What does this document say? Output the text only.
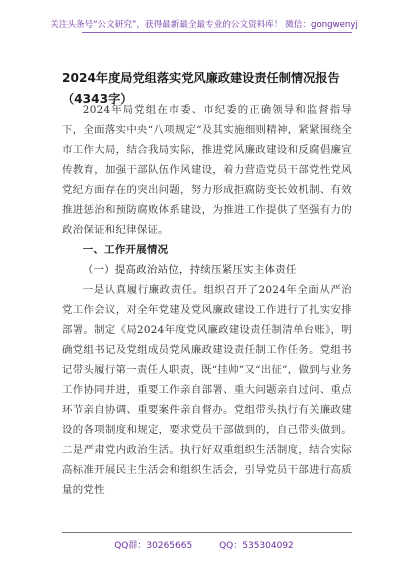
关注头条号“公文研究”，获得最新最全最专业的公文资料库！ 微信：gongwenyj
2024年度局党组落实党风廉政建设责任制情况报告（4343字）

2024年局党组在市委、市纪委的正确领导和监督指导下，全面落实中央“八项规定”及其实施细则精神，紧紧围绕全市工作大局，结合我局实际，推进党风廉政建设和反腐倡廉宣传教育，加强干部队伍作风建设，着力营造党员干部党性党风党纪方面存在的突出问题，努力形成拒腐防变长效机制、有效推进惩治和预防腐败体系建设，为推进工作提供了坚强有力的政治保证和纪律保证。

一、工作开展情况

（一）提高政治站位，持续压紧压实主体责任

一是认真履行廉政责任。组织召开了2024年全面从严治党工作会议，对全年党建及党风廉政建设工作进行了扎实安排部署。制定《局2024年度党风廉政建设责任制清单台账》，明确党组书记及党组成员党风廉政建设责任制工作任务。党组书记带头履行第一责任人职责，既“挂帅”又“出征”，做到与业务工作协同并进，重要工作亲自部署、重大问题亲自过问、重点环节亲自协调、重要案件亲自督办。党组带头执行有关廉政建设的各项制度和规定，要求党员干部做到的，自己带头做到。二是严肃党内政治生活。执行好双重组织生活制度，结合实际高标准开展民主生活会和组织生活会，引导党员干部进行高质量的党性

QQ群：30265665	QQ：535304092
